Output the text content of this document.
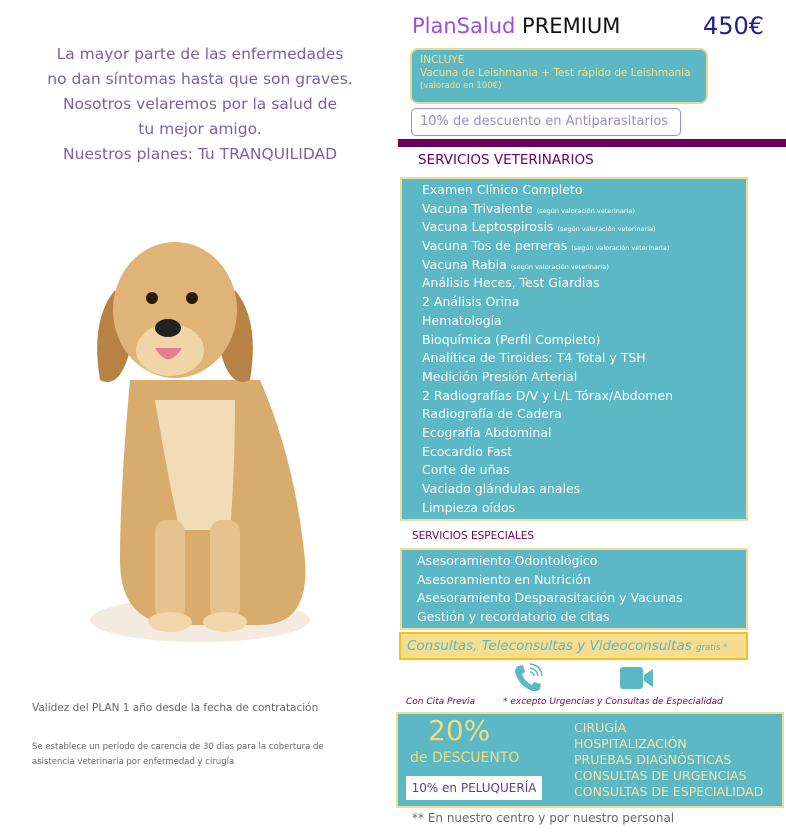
La mayor parte de las enfermedades
no dan síntomas hasta que son graves.
Nosotros velaremos por la salud de
tu mejor amigo.
Nuestros planes: Tu TRANQUILIDAD
Validez del PLAN 1 año desde la fecha de contratación
Se establece un período de carencia de 30 días para la cobertura de asistencia veterinaria por enfermedad y cirugía
PlanSalud PREMIUM	450€
INCLUYE
Vacuna de Leishmania + Test rápido de Leishmania
(valorado en 100€)
10% de descuento en Antiparasitarios
SERVICIOS VETERINARIOS
Examen Clínico Completo
Vacuna Trivalente (según valoración veterinaria)
Vacuna Leptospirosis (según valoración veterinaria)
Vacuna Tos de perreras (según valoración veterinaria)
Vacuna Rabia (según valoración veterinaria)
Análisis Heces, Test Giardias
2 Análisis Orina
Hematología
Bioquímica (Perfil Completo)
Analítica de Tiroides: T4 Total y TSH
Medición Presión Arterial
2 Radiografías D/V y L/L Tórax/Abdomen
Radiografía de Cadera
Ecografía Abdominal
Ecocardio Fast
Corte de uñas
Vaciado glándulas anales
Limpieza oídos
SERVICIOS ESPECIALES
Asesoramiento Odontológico
Asesoramiento en Nutrición
Asesoramiento Desparasitación y Vacunas
Gestión y recordatorio de citas
Consultas, Teleconsultas y Videoconsultas gratis *
Con Cita Previa	* excepto Urgencias y Consultas de Especialidad
20%
de DESCUENTO
10% en PELUQUERÍA
CIRUGÍA
HOSPITALIZACIÓN
PRUEBAS DIAGNÓSTICAS
CONSULTAS DE URGENCIAS
CONSULTAS DE ESPECIALIDAD
** En nuestro centro y por nuestro personal
